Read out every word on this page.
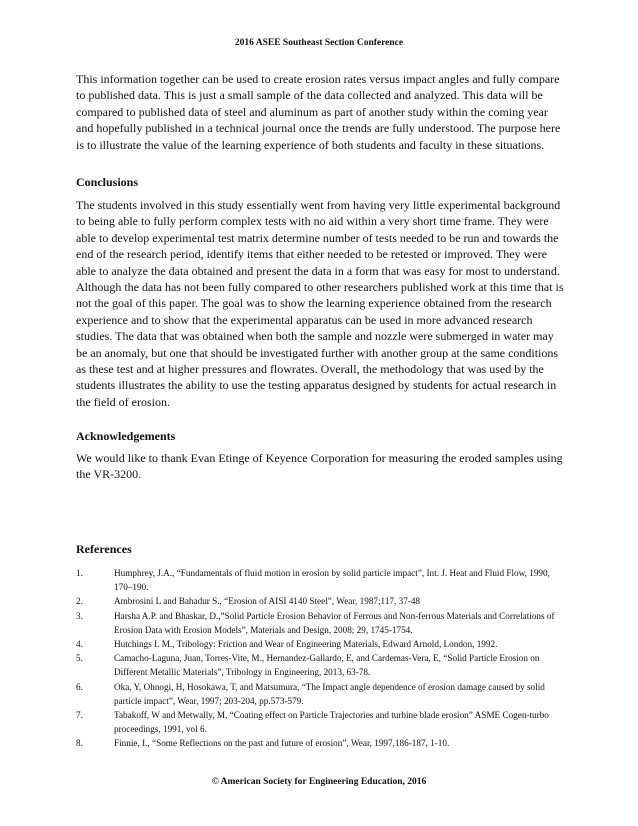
2016 ASEE Southeast Section Conference

This information together can be used to create erosion rates versus impact angles and fully compare to published data. This is just a small sample of the data collected and analyzed. This data will be compared to published data of steel and aluminum as part of another study within the coming year and hopefully published in a technical journal once the trends are fully understood. The purpose here is to illustrate the value of the learning experience of both students and faculty in these situations.

Conclusions

The students involved in this study essentially went from having very little experimental background to being able to fully perform complex tests with no aid within a very short time frame. They were able to develop experimental test matrix determine number of tests needed to be run and towards the end of the research period, identify items that either needed to be retested or improved. They were able to analyze the data obtained and present the data in a form that was easy for most to understand. Although the data has not been fully compared to other researchers published work at this time that is not the goal of this paper. The goal was to show the learning experience obtained from the research experience and to show that the experimental apparatus can be used in more advanced research studies. The data that was obtained when both the sample and nozzle were submerged in water may be an anomaly, but one that should be investigated further with another group at the same conditions as these test and at higher pressures and flowrates. Overall, the methodology that was used by the students illustrates the ability to use the testing apparatus designed by students for actual research in the field of erosion.

Acknowledgements

We would like to thank Evan Etinge of Keyence Corporation for measuring the eroded samples using the VR-3200.

References

1.	Humphrey, J.A., “Fundamentals of fluid motion in erosion by solid particle impact”, Int. J. Heat and Fluid Flow, 1990, 170–190.
2.	Ambrosini L and Bahadur S., “Erosion of AISI 4140 Steel”, Wear, 1987;117, 37-48
3.	Harsha A.P. and Bhaskar, D.,”Solid Particle Erosion Behavior of Ferrous and Non-ferrous Materials and Correlations of Erosion Data with Erosion Models”, Materials and Design, 2008; 29, 1745-1754.
4.	Hutchings I. M., Tribology: Friction and Wear of Engineering Materials, Edward Arnold, London, 1992.
5.	Camacho-Laguna, Juan, Torres-Vite, M., Hernandez-Gallardo, E, and Cardemas-Vera, E, “Solid Particle Erosion on Different Metallic Materials”, Tribology in Engineering, 2013, 63-78.
6.	Oka, Y, Ohnogi, H, Hosokawa, T, and Matsumura, “The Impact angle dependence of erosion damage caused by solid particle impact”, Wear, 1997; 203-204, pp.573-579.
7.	Tabakoff, W and Metwally, M, “Coating effect on Particle Trajectories and turbine blade erosion” ASME Cogen-turbo proceedings, 1991, vol 6.
8.	Finnie, I., “Some Reflections on the past and future of erosion”, Wear, 1997,186-187, 1-10.
© American Society for Engineering Education, 2016
